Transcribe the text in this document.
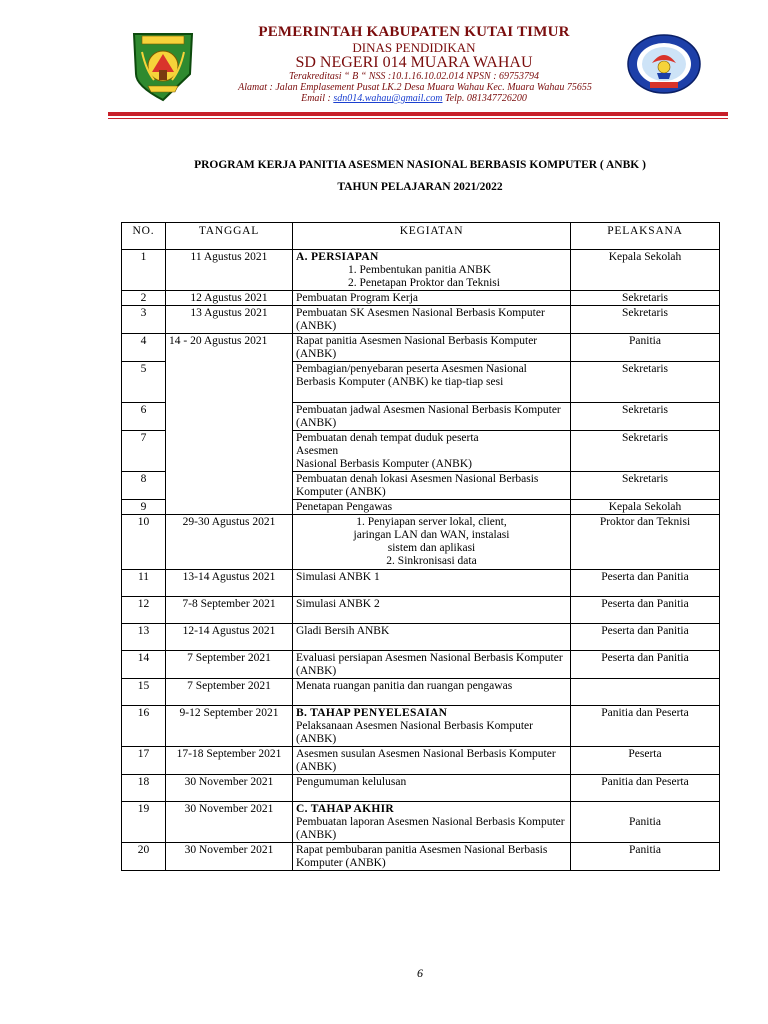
PEMERINTAH KABUPATEN KUTAI TIMUR
DINAS PENDIDIKAN
SD NEGERI 014 MUARA WAHAU
Terakreditasi “ B “ NSS :10.1.16.10.02.014 NPSN : 69753794
Alamat : Jalan Emplasement Pusat LK.2 Desa Muara Wahau Kec. Muara Wahau 75655
Email : sdn014.wahau@gmail.com Telp. 081347726200
PROGRAM KERJA PANITIA ASESMEN NASIONAL BERBASIS KOMPUTER ( ANBK )
TAHUN PELAJARAN 2021/2022
NO.	TANGGAL	KEGIATAN	PELAKSANA
1	11 Agustus 2021	A. PERSIAPAN
1. Pembentukan panitia ANBK
2. Penetapan Proktor dan Teknisi	Kepala Sekolah
2	12 Agustus 2021	Pembuatan Program Kerja	Sekretaris
3	13 Agustus 2021	Pembuatan SK Asesmen Nasional Berbasis Komputer (ANBK)	Sekretaris
4	14 - 20 Agustus 2021	Rapat panitia Asesmen Nasional Berbasis Komputer (ANBK)	Panitia
5		Pembagian/penyebaran peserta Asesmen Nasional Berbasis Komputer (ANBK) ke tiap-tiap sesi	Sekretaris
6		Pembuatan jadwal Asesmen Nasional Berbasis Komputer (ANBK)	Sekretaris
7		Pembuatan denah tempat duduk peserta
Asesmen
Nasional Berbasis Komputer (ANBK)	Sekretaris
8		Pembuatan denah lokasi Asesmen Nasional Berbasis Komputer (ANBK)	Sekretaris
9		Penetapan Pengawas	Kepala Sekolah
10	29-30 Agustus 2021	1. Penyiapan server lokal, client,
jaringan LAN dan WAN, instalasi
sistem dan aplikasi
2. Sinkronisasi data	Proktor dan Teknisi
11	13-14 Agustus 2021	Simulasi ANBK 1	Peserta dan Panitia
12	7-8 September 2021	Simulasi ANBK 2	Peserta dan Panitia
13	12-14 Agustus 2021	Gladi Bersih ANBK	Peserta dan Panitia
14	7 September 2021	Evaluasi persiapan Asesmen Nasional Berbasis Komputer (ANBK)	Peserta dan Panitia
15	7 September 2021	Menata ruangan panitia dan ruangan pengawas	
16	9-12 September 2021	B. TAHAP PENYELESAIAN
Pelaksanaan Asesmen Nasional Berbasis Komputer (ANBK)	Panitia dan Peserta
17	17-18 September 2021	Asesmen susulan Asesmen Nasional Berbasis Komputer (ANBK)	Peserta
18	30 November 2021	Pengumuman kelulusan	Panitia dan Peserta
19	30 November 2021	C. TAHAP AKHIR
Pembuatan laporan Asesmen Nasional Berbasis Komputer (ANBK)	Panitia
20	30 November 2021	Rapat pembubaran panitia Asesmen Nasional Berbasis Komputer (ANBK)	Panitia
6
